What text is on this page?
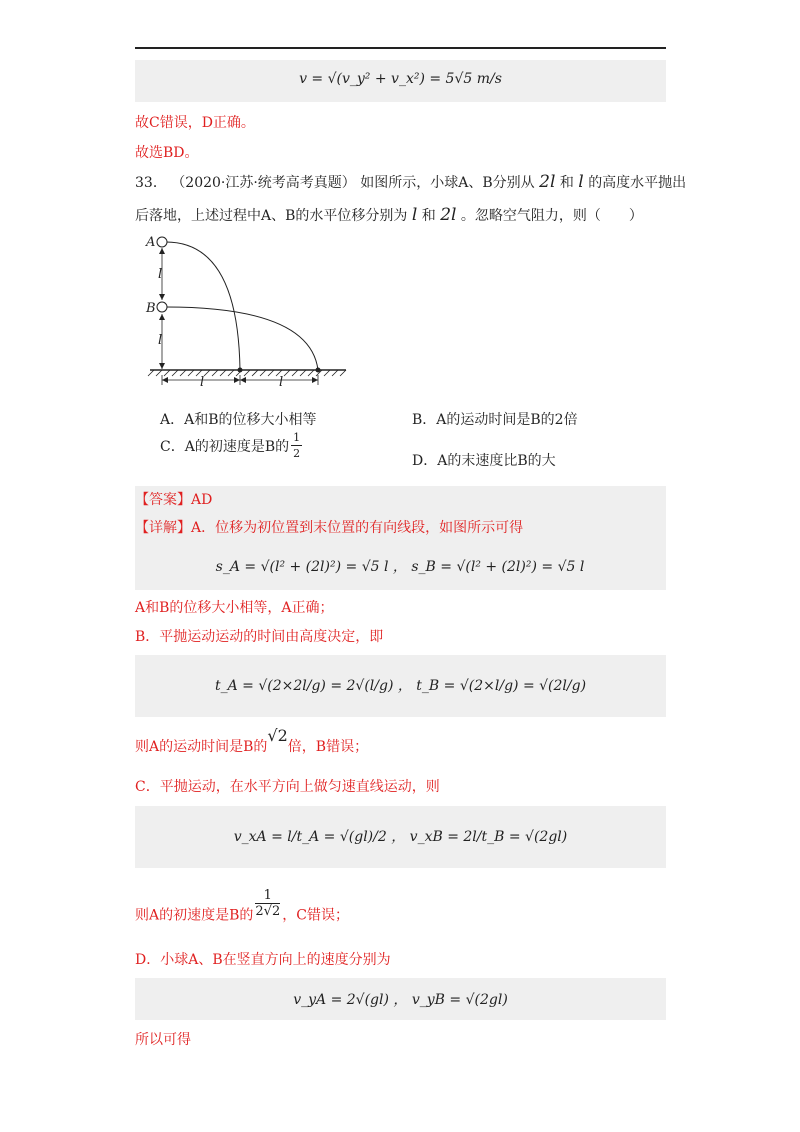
v = √(v_y² + v_x²) = 5√5 m/s
故C错误，D正确。
故选BD。
33． （2020·江苏·统考高考真题） 如图所示，小球A、B分别从 2l 和 l 的高度水平抛出
后落地，上述过程中A、B的水平位移分别为 l 和 2l 。忽略空气阻力，则（　　）
A
B
l
l
l	l
A．A和B的位移大小相等	B．A的运动时间是B的2倍
C．A的初速度是B的 $\frac{1}{2}$	D．A的末速度比B的大
【答案】AD
【详解】A．位移为初位置到末位置的有向线段，如图所示可得
s_A = √(l² + (2l)²) = √5 l ， s_B = √(l² + (2l)²) = √5 l
A和B的位移大小相等，A正确；
B．平抛运动运动的时间由高度决定，即
t_A = √(2×2l/g) = 2√(l/g) ， t_B = √(2×l/g) = √(2l/g)
则A的运动时间是B的√2倍，B错误；
C．平抛运动，在水平方向上做匀速直线运动，则
v_xA = l/t_A = √(gl)/2 ， v_xB = 2l/t_B = √(2gl)
则A的初速度是B的 $\frac{1}{2√2}$ ，C错误；
D．小球A、B在竖直方向上的速度分别为
v_yA = 2√(gl) ， v_yB = √(2gl)
所以可得
